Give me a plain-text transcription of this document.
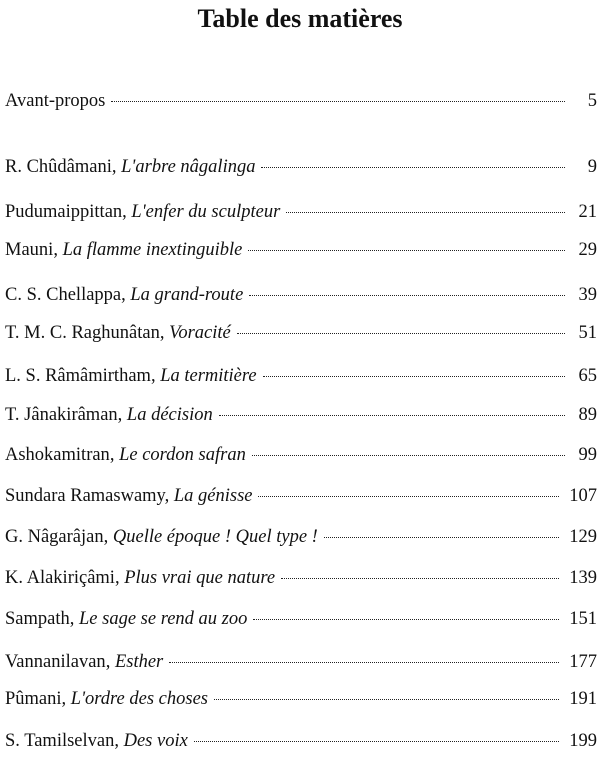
Table des matières
Avant-propos	5
R. Chûdâmani, L'arbre nâgalinga	9
Pudumaippittan, L'enfer du sculpteur	21
Mauni, La flamme inextinguible	29
C. S. Chellappa, La grand-route	39
T. M. C. Raghunâtan, Voracité	51
L. S. Râmâmirtham, La termitière	65
T. Jânakirâman, La décision	89
Ashokamitran, Le cordon safran	99
Sundara Ramaswamy, La génisse	107
G. Nâgarâjan, Quelle époque ! Quel type !	129
K. Alakiriçâmi, Plus vrai que nature	139
Sampath, Le sage se rend au zoo	151
Vannanilavan, Esther	177
Pûmani, L'ordre des choses	191
S. Tamilselvan, Des voix	199
